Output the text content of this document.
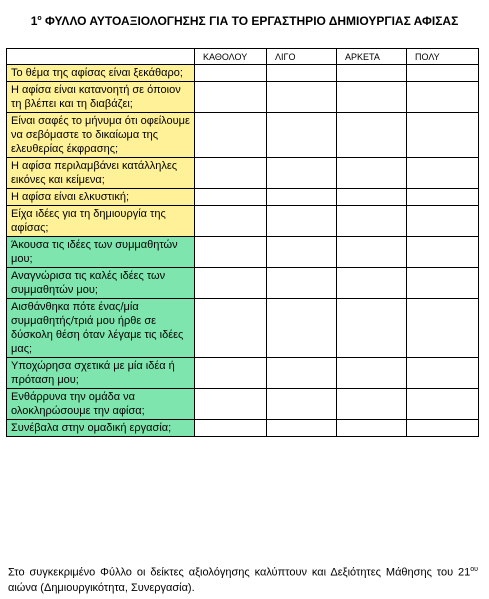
$1^o$ ΦΥΛΛΟ ΑΥΤΟΑΞΙΟΛΟΓΗΣΗΣ ΓΙΑ ΤΟ ΕΡΓΑΣΤΗΡΙΟ ΔΗΜΙΟΥΡΓΙΑΣ ΑΦΙΣΑΣ
	ΚΑΘΟΛΟΥ	ΛΙΓΟ	ΑΡΚΕΤΑ	ΠΟΛΥ
Το θέμα της αφίσας είναι ξεκάθαρο;				
Η αφίσα είναι κατανοητή σε όποιον τη βλέπει και τη διαβάζει;				
Είναι σαφές το μήνυμα ότι οφείλουμε να σεβόμαστε το δικαίωμα της ελευθερίας έκφρασης;				
Η αφίσα περιλαμβάνει κατάλληλες εικόνες και κείμενα;				
Η αφίσα είναι ελκυστική;				
Είχα ιδέες για τη δημιουργία της αφίσας;				
Άκουσα τις ιδέες των συμμαθητών μου;				
Αναγνώρισα τις καλές ιδέες των συμμαθητών μου;				
Αισθάνθηκα πότε ένας/μία συμμαθητής/τριά μου ήρθε σε δύσκολη θέση όταν λέγαμε τις ιδέες μας;				
Υποχώρησα σχετικά με μία ιδέα ή πρόταση μου;				
Ενθάρρυνα την ομάδα να ολοκληρώσουμε την αφίσα;				
Συνέβαλα στην ομαδική εργασία;				
Στο συγκεκριμένο Φύλλο οι δείκτες αξιολόγησης καλύπτουν και Δεξιότητες Μάθησης του $21^{o\upsilon}$ αιώνα (Δημιουργικότητα, Συνεργασία).
